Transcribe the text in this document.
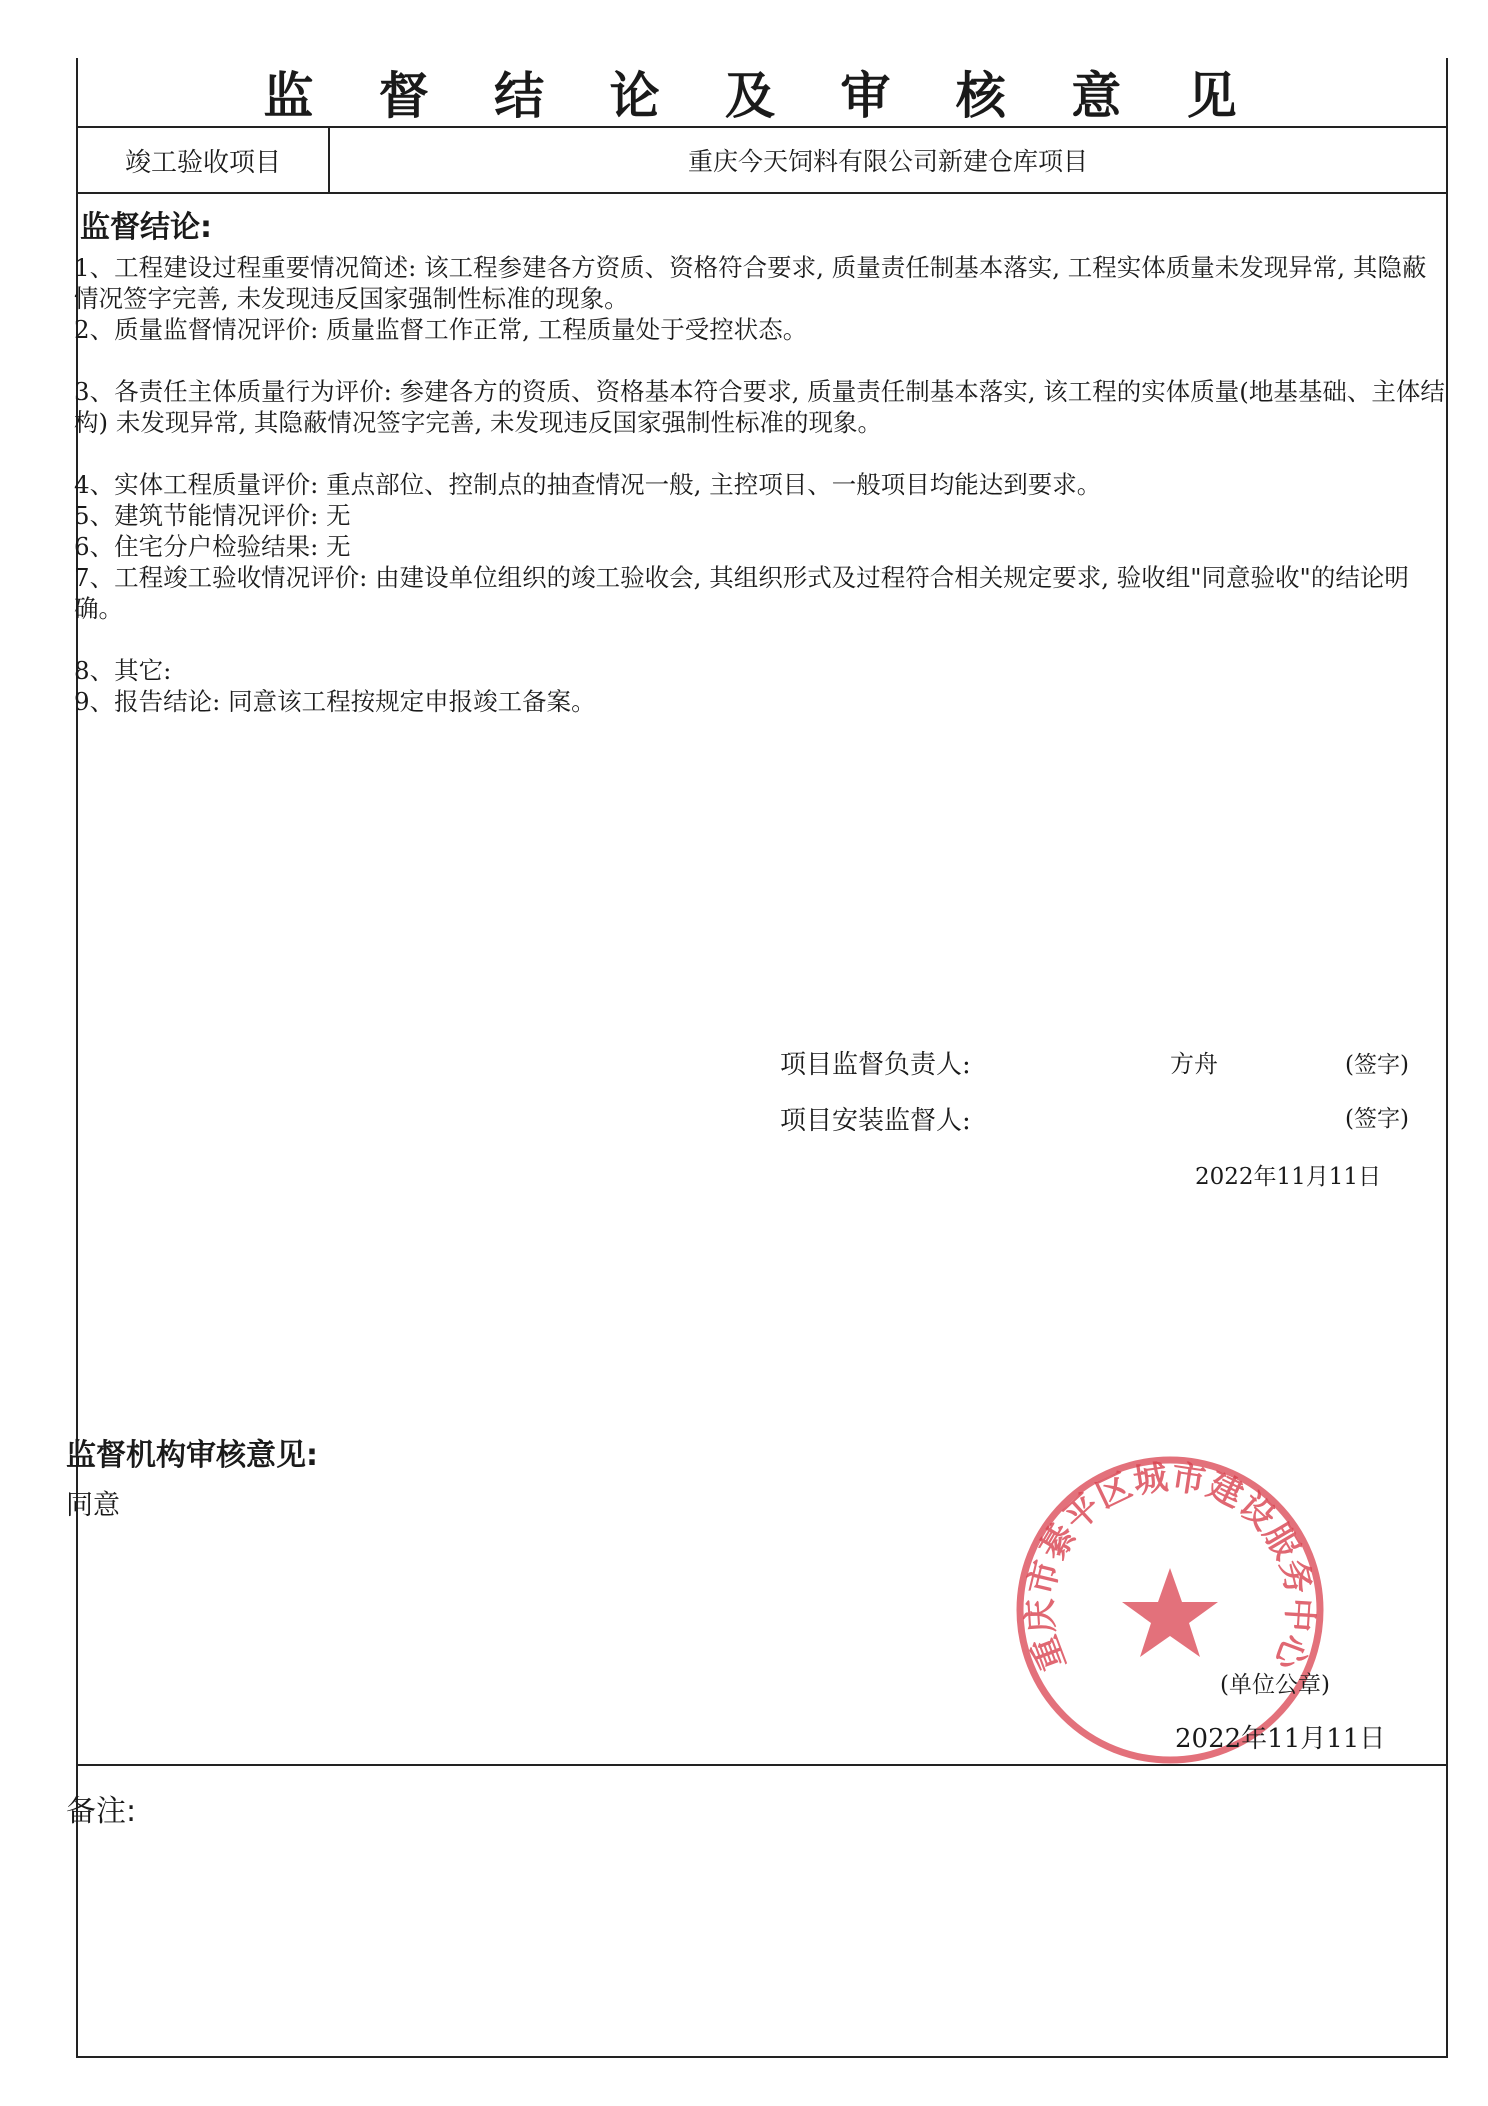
监 督 结 论 及 审 核 意 见
竣工验收项目	重庆今天饲料有限公司新建仓库项目
监督结论:
1、工程建设过程重要情况简述: 该工程参建各方资质、资格符合要求, 质量责任制基本落实, 工程实体质量未发现异常, 其隐蔽情况签字完善, 未发现违反国家强制性标准的现象。
2、质量监督情况评价: 质量监督工作正常, 工程质量处于受控状态。
3、各责任主体质量行为评价: 参建各方的资质、资格基本符合要求, 质量责任制基本落实, 该工程的实体质量(地基基础、主体结构) 未发现异常, 其隐蔽情况签字完善, 未发现违反国家强制性标准的现象。
4、实体工程质量评价: 重点部位、控制点的抽查情况一般, 主控项目、一般项目均能达到要求。
5、建筑节能情况评价: 无
6、住宅分户检验结果: 无
7、工程竣工验收情况评价: 由建设单位组织的竣工验收会, 其组织形式及过程符合相关规定要求, 验收组"同意验收"的结论明确。
8、其它:
9、报告结论: 同意该工程按规定申报竣工备案。
项目监督负责人:	方舟	(签字)
项目安装监督人:	(签字)
2022年11月11日
监督机构审核意见:
同意
重庆市綦平区城市建设服务中心
(单位公章)
2022年11月11日
备注:
